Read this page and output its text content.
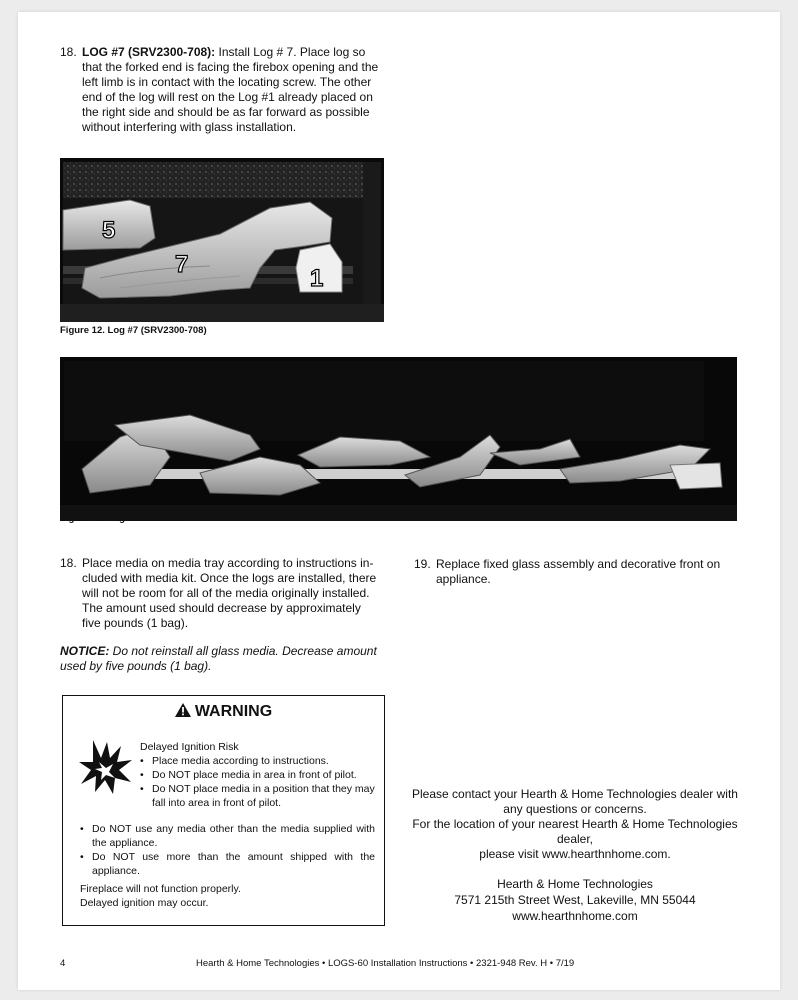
18. LOG #7 (SRV2300-708): Install Log # 7. Place log so
that the forked end is facing the firebox opening and the
left limb is in contact with the locating screw. The other
end of the log will rest on the Log #1 already placed on
the right side and should be as far forward as possible
without interfering with glass installation.
5
7
1
Figure 12. Log #7 (SRV2300-708)
Figure 13. Log Set Installed
18. Place media on media tray according to instructions in-
cluded with media kit. Once the logs are installed, there
will not be room for all of the media originally installed.
The amount used should decrease by approximately
five pounds (1 bag).
NOTICE: Do not reinstall all glass media. Decrease amount
used by five pounds (1 bag).
19. Replace fixed glass assembly and decorative front on
appliance.
WARNING
Delayed Ignition Risk
• Place media according to instructions.
• Do NOT place media in area in front of pilot.
• Do NOT place media in a position that they may fall into area in front of pilot.
• Do NOT use any media other than the media supplied with the appliance.
• Do NOT use more than the amount shipped with the appliance.
Fireplace will not function properly.
Delayed ignition may occur.
Please contact your Hearth & Home Technologies dealer with
any questions or concerns.
For the location of your nearest Hearth & Home Technologies
dealer,
please visit www.hearthnhome.com.
Hearth & Home Technologies
7571 215th Street West, Lakeville, MN 55044
www.hearthnhome.com
4	Hearth & Home Technologies • LOGS-60 Installation Instructions • 2321-948 Rev. H • 7/19
